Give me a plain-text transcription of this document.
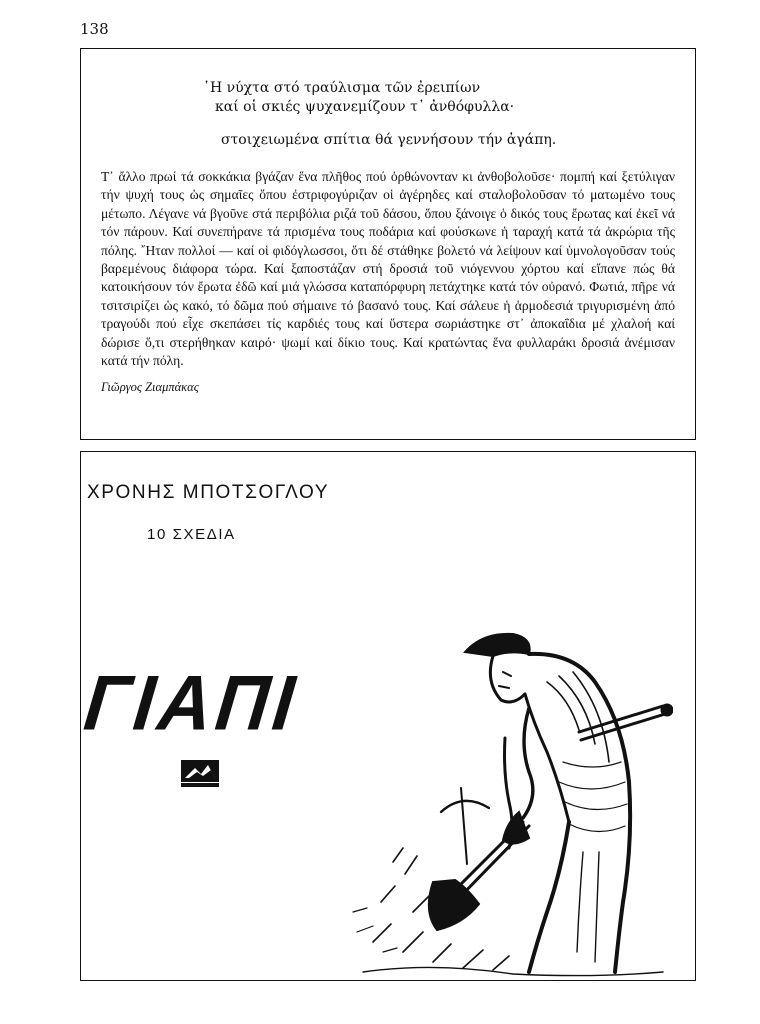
138
῾Η νύχτα στό τραύλισμα τῶν ἐρειπίων
καί οἱ σκιές ψυχανεμίζουν τ᾿ ἀνθόφυλλα·
στοιχειωμένα σπίτια θά γεννήσουν τήν ἀγάπη.
Τ᾿ ἄλλο πρωί τά σοκκάκια βγάζαν ἕνα πλῆθος πού ὀρθώνονταν κι ἀνθοβολοῦσε· πομπή καί ξετύλιγαν τήν ψυχή τους ὡς σημαῖες ὅπου ἐστριφογύριζαν οἱ ἀγέρηδες καί σταλοβολοῦσαν τό ματωμένο τους μέτωπο. Λέγανε νά βγοῦνε στά περιβόλια ριζά τοῦ δάσου, ὅπου ξάνοιγε ὁ δικός τους ἔρωτας καί ἐκεῖ νά τόν πάρουν. Καί συνεπήρανε τά πρισμένα τους ποδάρια καί φούσκωνε ἡ ταραχή κατά τά ἀκρώρια τῆς πόλης. ῎Ηταν πολλοί — καί οἱ φιδόγλωσσοι, ὅτι δέ στάθηκε βολετό νά λείψουν καί ὑμνολογοῦσαν τούς βαρεμένους διάφορα τώρα. Καί ξαποστάζαν στή δροσιά τοῦ νιόγεννου χόρτου καί εἴπανε πώς θά κατοικήσουν τόν ἔρωτα ἐδῶ καί μιά γλώσσα καταπόρφυρη πετάχτηκε κατά τόν οὐρανό. Φωτιά, πῆρε νά τσιτσιρίζει ὡς κακό, τό δῶμα πού σήμαινε τό βασανό τους. Καί σάλευε ἡ ἁρμοδεσιά τριγυρισμένη ἀπό τραγούδι πού εἶχε σκεπάσει τίς καρδιές τους καί ὕστερα σωριάστηκε στ᾿ ἀποκαΐδια μέ χλαλοή καί δώρισε ὅ,τι στερήθηκαν καιρό· ψωμί καί δίκιο τους. Καί κρατώντας ἕνα φυλλαράκι δροσιά ἀνέμισαν κατά τήν πόλη.
Γιῶργος Ζιαμπάκας
ΧΡΟΝΗΣ ΜΠΟΤΣΟΓΛΟΥ
10 ΣΧΕΔΙΑ
ΓΙΑΠΙ
